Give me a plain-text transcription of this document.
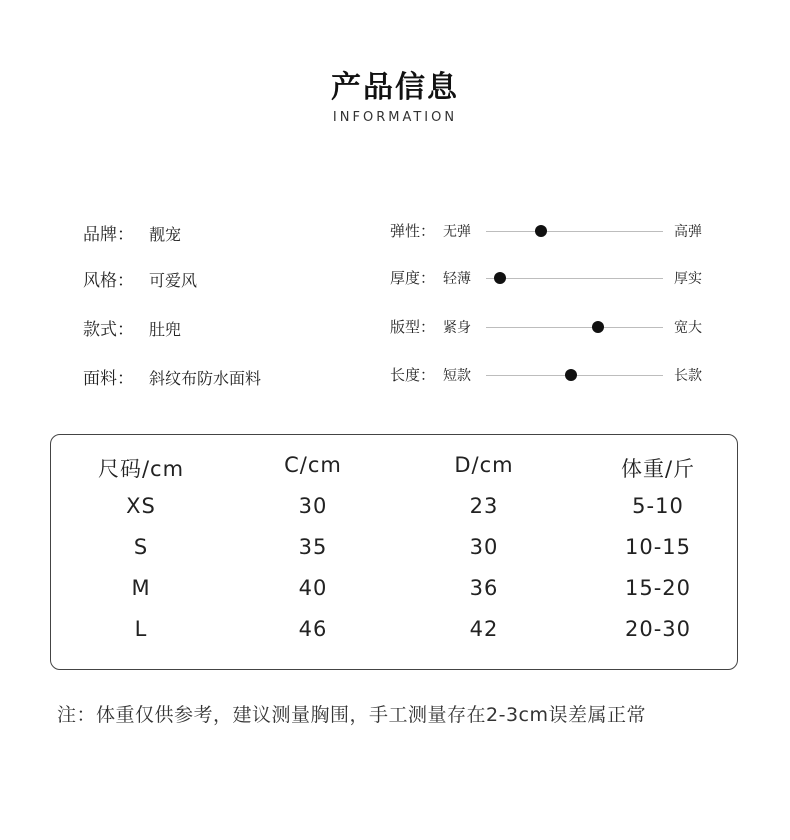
产品信息
INFORMATION
品牌： 靓宠
风格： 可爱风
款式： 肚兜
面料： 斜纹布防水面料
弹性： 无弹	高弹
厚度： 轻薄	厚实
版型： 紧身	宽大
长度： 短款	长款
尺码/cm	C/cm	D/cm	体重/斤
XS	30	23	5-10
S	35	30	10-15
M	40	36	15-20
L	46	42	20-30
注：体重仅供参考，建议测量胸围，手工测量存在2-3cm误差属正常
